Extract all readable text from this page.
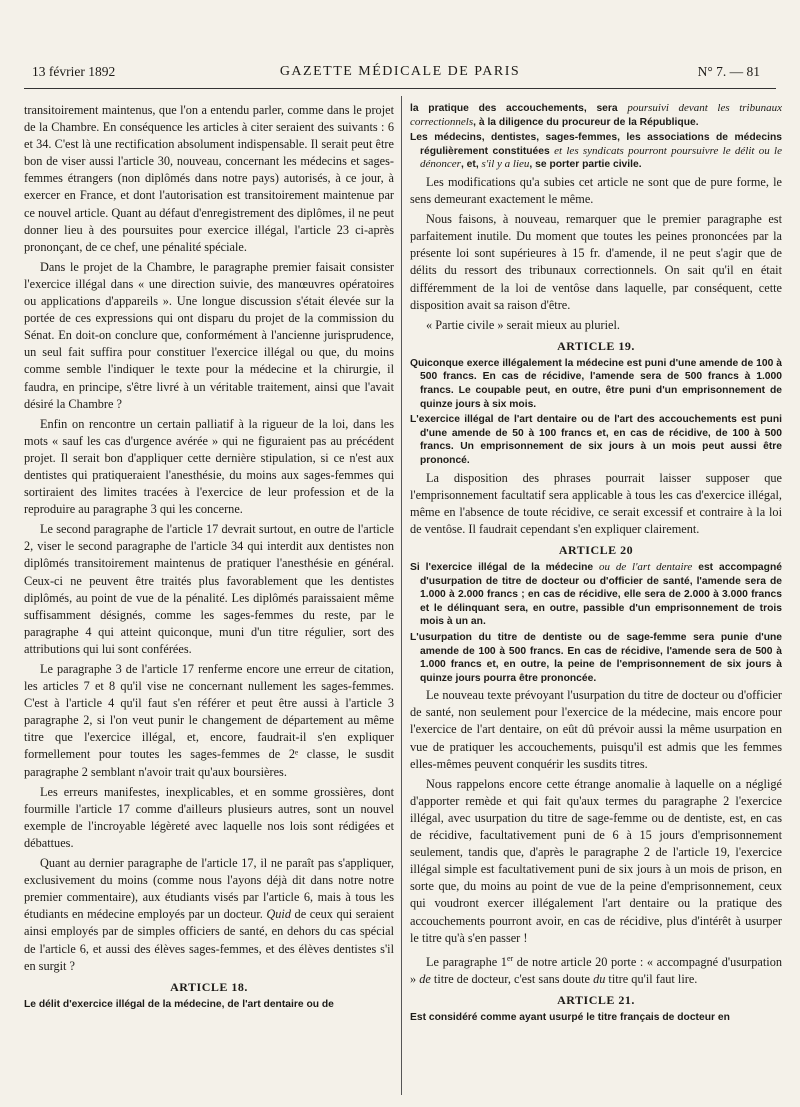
13 février 1892	GAZETTE MÉDICALE DE PARIS	N° 7. — 81

transitoirement maintenus, que l'on a entendu parler, comme dans le projet de la Chambre. En conséquence les articles à citer seraient des suivants : 6 et 34. C'est là une rectification absolument indispensable. Il serait peut être bon de viser aussi l'article 30, nouveau, concernant les médecins et sages-femmes étrangers (non diplômés dans notre pays) autorisés, à ce jour, à exercer en France, et dont l'autorisation est transitoirement maintenue par ce nouvel article. Quant au défaut d'enregistrement des diplômes, il ne peut donner lieu à des poursuites pour exercice illégal, l'article 23 ci-après prononçant, de ce chef, une pénalité spéciale.

Dans le projet de la Chambre, le paragraphe premier faisait consister l'exercice illégal dans « une direction suivie, des manœuvres opératoires ou applications d'appareils ». Une longue discussion s'était élevée sur la portée de ces expressions qui ont disparu du projet de la commission du Sénat. En doit-on conclure que, conformément à l'ancienne jurisprudence, un seul fait suffira pour constituer l'exercice illégal ou que, du moins comme semble l'indiquer le texte pour la médecine et la chirurgie, il faudra, en principe, s'être livré à un véritable traitement, ainsi que l'avait désiré la Chambre ?

Enfin on rencontre un certain palliatif à la rigueur de la loi, dans les mots « sauf les cas d'urgence avérée » qui ne figuraient pas au précédent projet. Il serait bon d'appliquer cette dernière stipulation, si ce n'est aux dentistes qui pratiqueraient l'anesthésie, du moins aux sages-femmes qui sortiraient des limites tracées à l'exercice de leur profession et de la reproduire au paragraphe 3 qui les concerne.

Le second paragraphe de l'article 17 devrait surtout, en outre de l'article 2, viser le second paragraphe de l'article 34 qui interdit aux dentistes non diplômés transitoirement maintenus de pratiquer l'anesthésie en général. Ceux-ci ne peuvent être traités plus favorablement que les dentistes diplômés, au point de vue de la pénalité. Les diplômés paraissaient même suffisamment désignés, comme les sages-femmes du reste, par le paragraphe 4 qui atteint quiconque, muni d'un titre régulier, sort des attributions qui lui sont conférées.

Le paragraphe 3 de l'article 17 renferme encore une erreur de citation, les articles 7 et 8 qu'il vise ne concernant nullement les sages-femmes. C'est à l'article 4 qu'il faut s'en référer et peut être aussi à l'article 3 paragraphe 2, si l'on veut punir le changement de département au même titre que l'exercice illégal, et, encore, faudrait-il s'en expliquer formellement pour toutes les sages-femmes de 2ᵉ classe, le susdit paragraphe 2 semblant n'avoir trait qu'aux boursières.

Les erreurs manifestes, inexplicables, et en somme grossières, dont fourmille l'article 17 comme d'ailleurs plusieurs autres, sont un nouvel exemple de l'incroyable légèreté avec laquelle nos lois sont rédigées et débattues.

Quant au dernier paragraphe de l'article 17, il ne paraît pas s'appliquer, exclusivement du moins (comme nous l'ayons déjà dit dans notre notre premier commentaire), aux étudiants visés par l'article 6, mais à tous les étudiants en médecine employés par un docteur. Quid de ceux qui seraient ainsi employés par de simples officiers de santé, en dehors du cas spécial de l'article 6, et aussi des élèves sages-femmes, et des élèves dentistes s'il en surgit ?

ARTICLE 18.
Le délit d'exercice illégal de la médecine, de l'art dentaire ou de
la pratique des accouchements, sera poursuivi devant les tribunaux correctionnels, à la diligence du procureur de la République.
Les médecins, dentistes, sages-femmes, les associations de médecins régulièrement constituées et les syndicats pourront poursuivre le délit ou le dénoncer, et, s'il y a lieu, se porter partie civile.

Les modifications qu'a subies cet article ne sont que de pure forme, le sens demeurant exactement le même.

Nous faisons, à nouveau, remarquer que le premier paragraphe est parfaitement inutile. Du moment que toutes les peines prononcées par la présente loi sont supérieures à 15 fr. d'amende, il ne peut s'agir que de délits du ressort des tribunaux correctionnels. On sait qu'il en était différemment de la loi de ventôse dans laquelle, par conséquent, cette disposition avait sa raison d'être.

« Partie civile » serait mieux au pluriel.

ARTICLE 19.
Quiconque exerce illégalement la médecine est puni d'une amende de 100 à 500 francs. En cas de récidive, l'amende sera de 500 francs à 1.000 francs. Le coupable peut, en outre, être puni d'un emprisonnement de quinze jours à six mois.
L'exercice illégal de l'art dentaire ou de l'art des accouchements est puni d'une amende de 50 à 100 francs et, en cas de récidive, de 100 à 500 francs. Un emprisonnement de six jours à un mois peut aussi être prononcé.

La disposition des phrases pourrait laisser supposer que l'emprisonnement facultatif sera applicable à tous les cas d'exercice illégal, même en l'absence de toute récidive, ce serait excessif et contraire à la loi de ventôse. Il faudrait cependant s'en expliquer clairement.

ARTICLE 20
Si l'exercice illégal de la médecine ou de l'art dentaire est accompagné d'usurpation de titre de docteur ou d'officier de santé, l'amende sera de 1.000 à 2.000 francs ; en cas de récidive, elle sera de 2.000 à 3.000 francs et le délinquant sera, en outre, passible d'un emprisonnement de trois mois à un an.
L'usurpation du titre de dentiste ou de sage-femme sera punie d'une amende de 100 à 500 francs. En cas de récidive, l'amende sera de 500 à 1.000 francs et, en outre, la peine de l'emprisonnement de six jours à quinze jours pourra être prononcée.

Le nouveau texte prévoyant l'usurpation du titre de docteur ou d'officier de santé, non seulement pour l'exercice de la médecine, mais encore pour l'exercice de l'art dentaire, on eût dû prévoir aussi la même usurpation en vue de pratiquer les accouchements, puisqu'il est admis que les femmes elles-mêmes peuvent conquérir les susdits titres.

Nous rappelons encore cette étrange anomalie à laquelle on a négligé d'apporter remède et qui fait qu'aux termes du paragraphe 2 l'exercice illégal, avec usurpation du titre de sage-femme ou de dentiste, est, en cas de récidive, facultativement puni de 6 à 15 jours d'emprisonnement seulement, tandis que, d'après le paragraphe 2 de l'article 19, l'exercice illégal simple est facultativement puni de six jours à un mois de prison, en sorte que, du moins au point de vue de la peine d'emprisonnement, ceux qui voudront exercer illégalement l'art dentaire ou la pratique des accouchements pourront avoir, en cas de récidive, plus d'intérêt à usurper le titre qu'à s'en passer !

Le paragraphe 1er de notre article 20 porte : « accompagné d'usurpation » de titre de docteur, c'est sans doute du titre qu'il faut lire.

ARTICLE 21.
Est considéré comme ayant usurpé le titre français de docteur en
